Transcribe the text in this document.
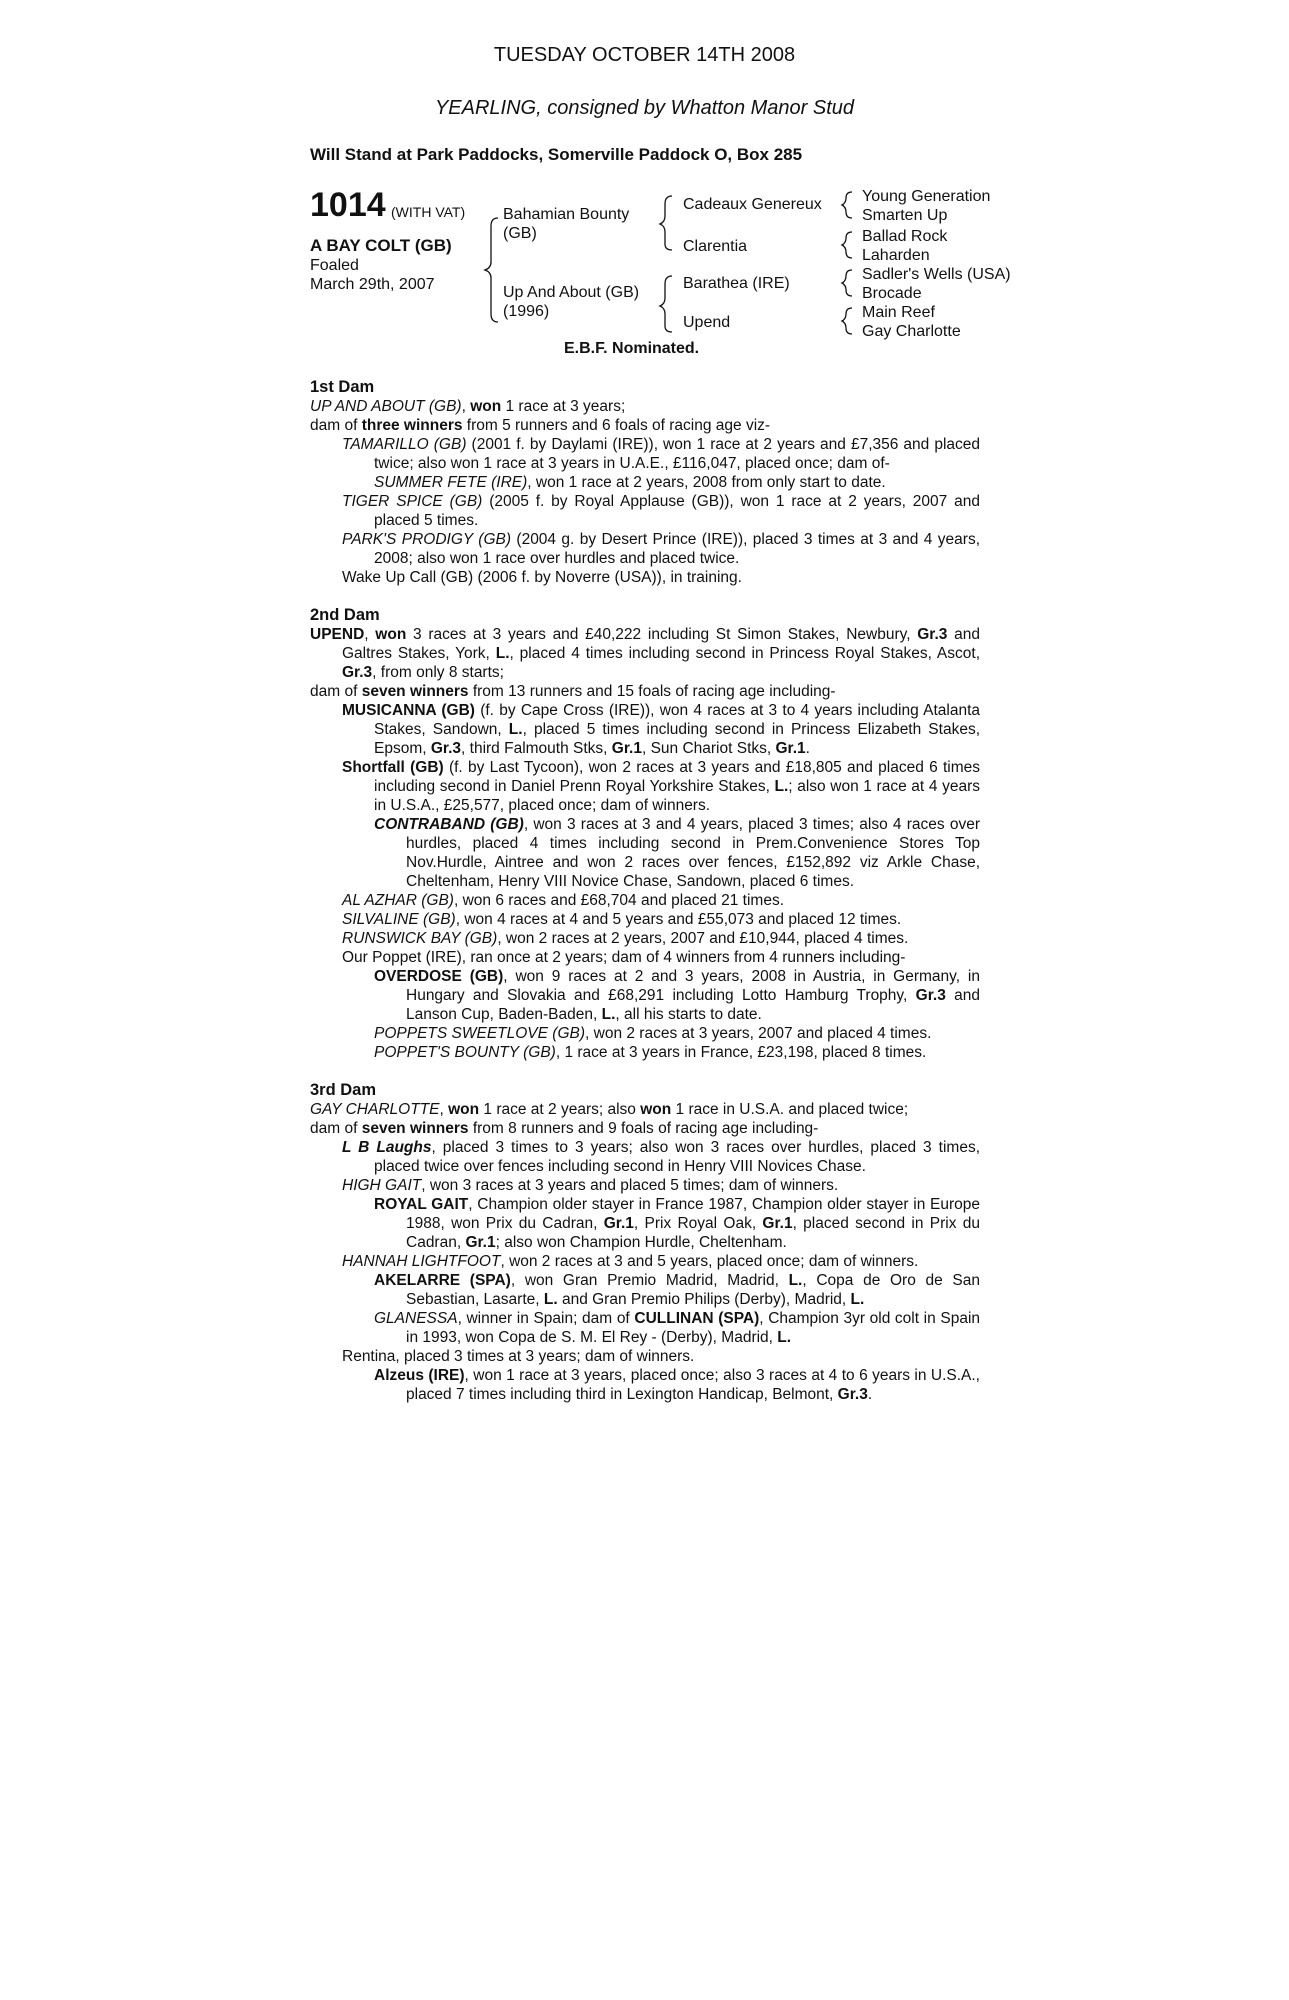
TUESDAY OCTOBER 14TH 2008
YEARLING, consigned by Whatton Manor Stud
Will Stand at Park Paddocks, Somerville Paddock O, Box 285
1014 (WITH VAT)
A BAY COLT (GB)
Foaled
March 29th, 2007
Bahamian Bounty (GB)
Up And About (GB) (1996)
Cadeaux Genereux
Clarentia
Barathea (IRE)
Upend
Young Generation
Smarten Up
Ballad Rock
Laharden
Sadler's Wells (USA)
Brocade
Main Reef
Gay Charlotte
E.B.F. Nominated.

1st Dam

UP AND ABOUT (GB), won 1 race at 3 years;

dam of three winners from 5 runners and 6 foals of racing age viz-

TAMARILLO (GB) (2001 f. by Daylami (IRE)), won 1 race at 2 years and £7,356 and placed twice; also won 1 race at 3 years in U.A.E., £116,047, placed once; dam of-

SUMMER FETE (IRE), won 1 race at 2 years, 2008 from only start to date.

TIGER SPICE (GB) (2005 f. by Royal Applause (GB)), won 1 race at 2 years, 2007 and placed 5 times.

PARK'S PRODIGY (GB) (2004 g. by Desert Prince (IRE)), placed 3 times at 3 and 4 years, 2008; also won 1 race over hurdles and placed twice.

Wake Up Call (GB) (2006 f. by Noverre (USA)), in training.

2nd Dam

UPEND, won 3 races at 3 years and £40,222 including St Simon Stakes, Newbury, Gr.3 and Galtres Stakes, York, L., placed 4 times including second in Princess Royal Stakes, Ascot, Gr.3, from only 8 starts;

dam of seven winners from 13 runners and 15 foals of racing age including-

MUSICANNA (GB) (f. by Cape Cross (IRE)), won 4 races at 3 to 4 years including Atalanta Stakes, Sandown, L., placed 5 times including second in Princess Elizabeth Stakes, Epsom, Gr.3, third Falmouth Stks, Gr.1, Sun Chariot Stks, Gr.1.

Shortfall (GB) (f. by Last Tycoon), won 2 races at 3 years and £18,805 and placed 6 times including second in Daniel Prenn Royal Yorkshire Stakes, L.; also won 1 race at 4 years in U.S.A., £25,577, placed once; dam of winners.

CONTRABAND (GB), won 3 races at 3 and 4 years, placed 3 times; also 4 races over hurdles, placed 4 times including second in Prem.Convenience Stores Top Nov.Hurdle, Aintree and won 2 races over fences, £152,892 viz Arkle Chase, Cheltenham, Henry VIII Novice Chase, Sandown, placed 6 times.

AL AZHAR (GB), won 6 races and £68,704 and placed 21 times.

SILVALINE (GB), won 4 races at 4 and 5 years and £55,073 and placed 12 times.

RUNSWICK BAY (GB), won 2 races at 2 years, 2007 and £10,944, placed 4 times.

Our Poppet (IRE), ran once at 2 years; dam of 4 winners from 4 runners including-

OVERDOSE (GB), won 9 races at 2 and 3 years, 2008 in Austria, in Germany, in Hungary and Slovakia and £68,291 including Lotto Hamburg Trophy, Gr.3 and Lanson Cup, Baden-Baden, L., all his starts to date.

POPPETS SWEETLOVE (GB), won 2 races at 3 years, 2007 and placed 4 times.

POPPET'S BOUNTY (GB), 1 race at 3 years in France, £23,198, placed 8 times.

3rd Dam

GAY CHARLOTTE, won 1 race at 2 years; also won 1 race in U.S.A. and placed twice;

dam of seven winners from 8 runners and 9 foals of racing age including-

L B Laughs, placed 3 times to 3 years; also won 3 races over hurdles, placed 3 times, placed twice over fences including second in Henry VIII Novices Chase.

HIGH GAIT, won 3 races at 3 years and placed 5 times; dam of winners.

ROYAL GAIT, Champion older stayer in France 1987, Champion older stayer in Europe 1988, won Prix du Cadran, Gr.1, Prix Royal Oak, Gr.1, placed second in Prix du Cadran, Gr.1; also won Champion Hurdle, Cheltenham.

HANNAH LIGHTFOOT, won 2 races at 3 and 5 years, placed once; dam of winners.

AKELARRE (SPA), won Gran Premio Madrid, Madrid, L., Copa de Oro de San Sebastian, Lasarte, L. and Gran Premio Philips (Derby), Madrid, L.

GLANESSA, winner in Spain; dam of CULLINAN (SPA), Champion 3yr old colt in Spain in 1993, won Copa de S. M. El Rey - (Derby), Madrid, L.

Rentina, placed 3 times at 3 years; dam of winners.

Alzeus (IRE), won 1 race at 3 years, placed once; also 3 races at 4 to 6 years in U.S.A., placed 7 times including third in Lexington Handicap, Belmont, Gr.3.
